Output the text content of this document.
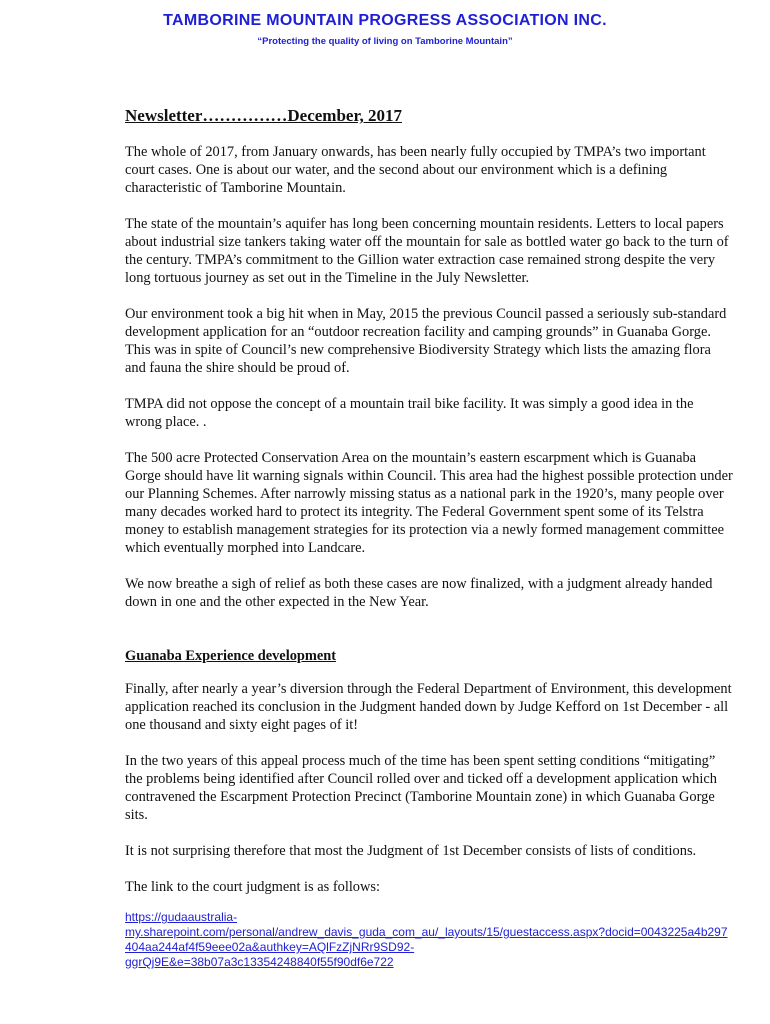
TAMBORINE MOUNTAIN PROGRESS ASSOCIATION INC.
“Protecting the quality of living on Tamborine Mountain”
Newsletter……………December, 2017

The whole of 2017, from January onwards, has been nearly fully occupied by TMPA’s two important court cases. One is about our water, and the second about our environment which is a defining characteristic of Tamborine Mountain.

The state of the mountain’s aquifer has long been concerning mountain residents. Letters to local papers about industrial size tankers taking water off the mountain for sale as bottled water go back to the turn of the century. TMPA’s commitment to the Gillion water extraction case remained strong despite the very long tortuous journey as set out in the Timeline in the July Newsletter.

Our environment took a big hit when in May, 2015 the previous Council passed a seriously sub-standard development application for an “outdoor recreation facility and camping grounds” in Guanaba Gorge. This was in spite of Council’s new comprehensive Biodiversity Strategy which lists the amazing flora and fauna the shire should be proud of.

TMPA did not oppose the concept of a mountain trail bike facility. It was simply a good idea in the wrong place. .

The 500 acre Protected Conservation Area on the mountain’s eastern escarpment which is Guanaba Gorge should have lit warning signals within Council. This area had the highest possible protection under our Planning Schemes. After narrowly missing status as a national park in the 1920’s, many people over many decades worked hard to protect its integrity. The Federal Government spent some of its Telstra money to establish management strategies for its protection via a newly formed management committee which eventually morphed into Landcare.

We now breathe a sigh of relief as both these cases are now finalized, with a judgment already handed down in one and the other expected in the New Year.

Guanaba Experience development

Finally, after nearly a year’s diversion through the Federal Department of Environment, this development application reached its conclusion in the Judgment handed down by Judge Kefford on 1st December - all one thousand and sixty eight pages of it!

In the two years of this appeal process much of the time has been spent setting conditions “mitigating” the problems being identified after Council rolled over and ticked off a development application which contravened the Escarpment Protection Precinct (Tamborine Mountain zone) in which Guanaba Gorge sits.

It is not surprising therefore that most the Judgment of 1st December consists of lists of conditions.

The link to the court judgment is as follows:

https://gudaaustralia-
my.sharepoint.com/personal/andrew_davis_guda_com_au/_layouts/15/guestaccess.aspx?docid=0043225a4b297404aa244af4f59eee02a&authkey=AQlFzZjNRr9SD92-
ggrQj9E&e=38b07a3c13354248840f55f90df6e722
